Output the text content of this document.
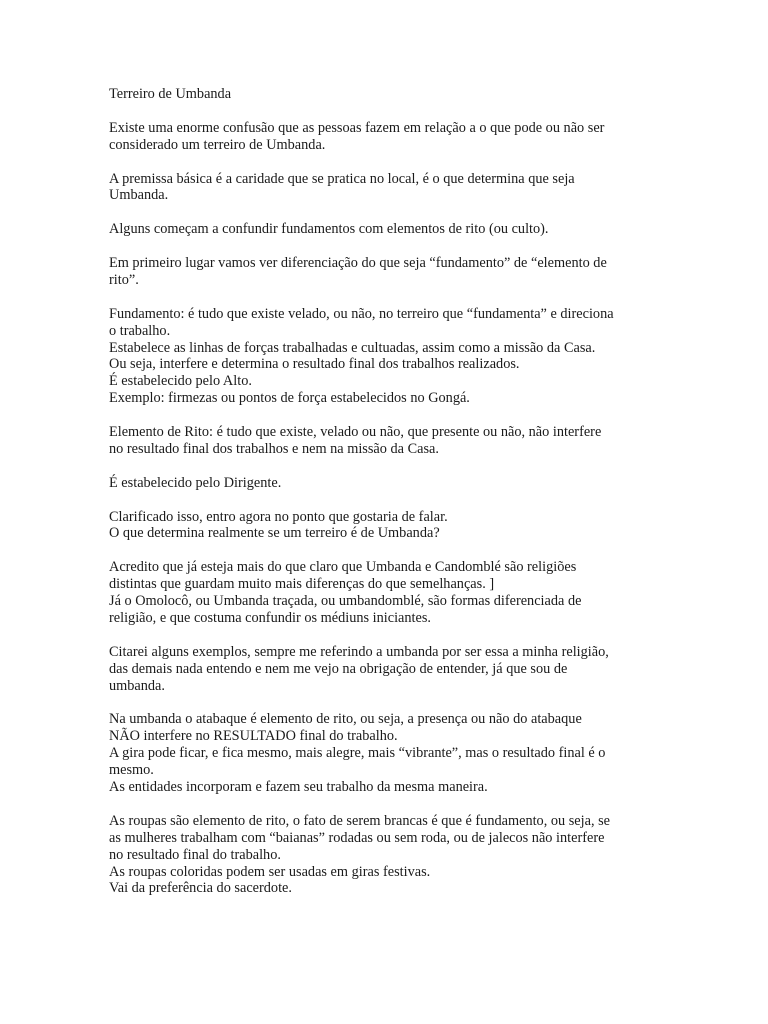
Terreiro de Umbanda
Existe uma enorme confusão que as pessoas fazem em relação a o que pode ou não ser
considerado um terreiro de Umbanda.
A premissa básica é a caridade que se pratica no local, é o que determina que seja
Umbanda.
Alguns começam a confundir fundamentos com elementos de rito (ou culto).
Em primeiro lugar vamos ver diferenciação do que seja “fundamento” de “elemento de
rito”.
Fundamento: é tudo que existe velado, ou não, no terreiro que “fundamenta” e direciona
o trabalho.
Estabelece as linhas de forças trabalhadas e cultuadas, assim como a missão da Casa.
Ou seja, interfere e determina o resultado final dos trabalhos realizados.
É estabelecido pelo Alto.
Exemplo: firmezas ou pontos de força estabelecidos no Gongá.
Elemento de Rito: é tudo que existe, velado ou não, que presente ou não, não interfere
no resultado final dos trabalhos e nem na missão da Casa.
É estabelecido pelo Dirigente.
Clarificado isso, entro agora no ponto que gostaria de falar.
O que determina realmente se um terreiro é de Umbanda?
Acredito que já esteja mais do que claro que Umbanda e Candomblé são religiões
distintas que guardam muito mais diferenças do que semelhanças. ]
Já o Omolocô, ou Umbanda traçada, ou umbandomblé, são formas diferenciada de
religião, e que costuma confundir os médiuns iniciantes.
Citarei alguns exemplos, sempre me referindo a umbanda por ser essa a minha religião,
das demais nada entendo e nem me vejo na obrigação de entender, já que sou de
umbanda.
Na umbanda o atabaque é elemento de rito, ou seja, a presença ou não do atabaque
NÃO interfere no RESULTADO final do trabalho.
A gira pode ficar, e fica mesmo, mais alegre, mais “vibrante”, mas o resultado final é o
mesmo.
As entidades incorporam e fazem seu trabalho da mesma maneira.
As roupas são elemento de rito, o fato de serem brancas é que é fundamento, ou seja, se
as mulheres trabalham com “baianas” rodadas ou sem roda, ou de jalecos não interfere
no resultado final do trabalho.
As roupas coloridas podem ser usadas em giras festivas.
Vai da preferência do sacerdote.
